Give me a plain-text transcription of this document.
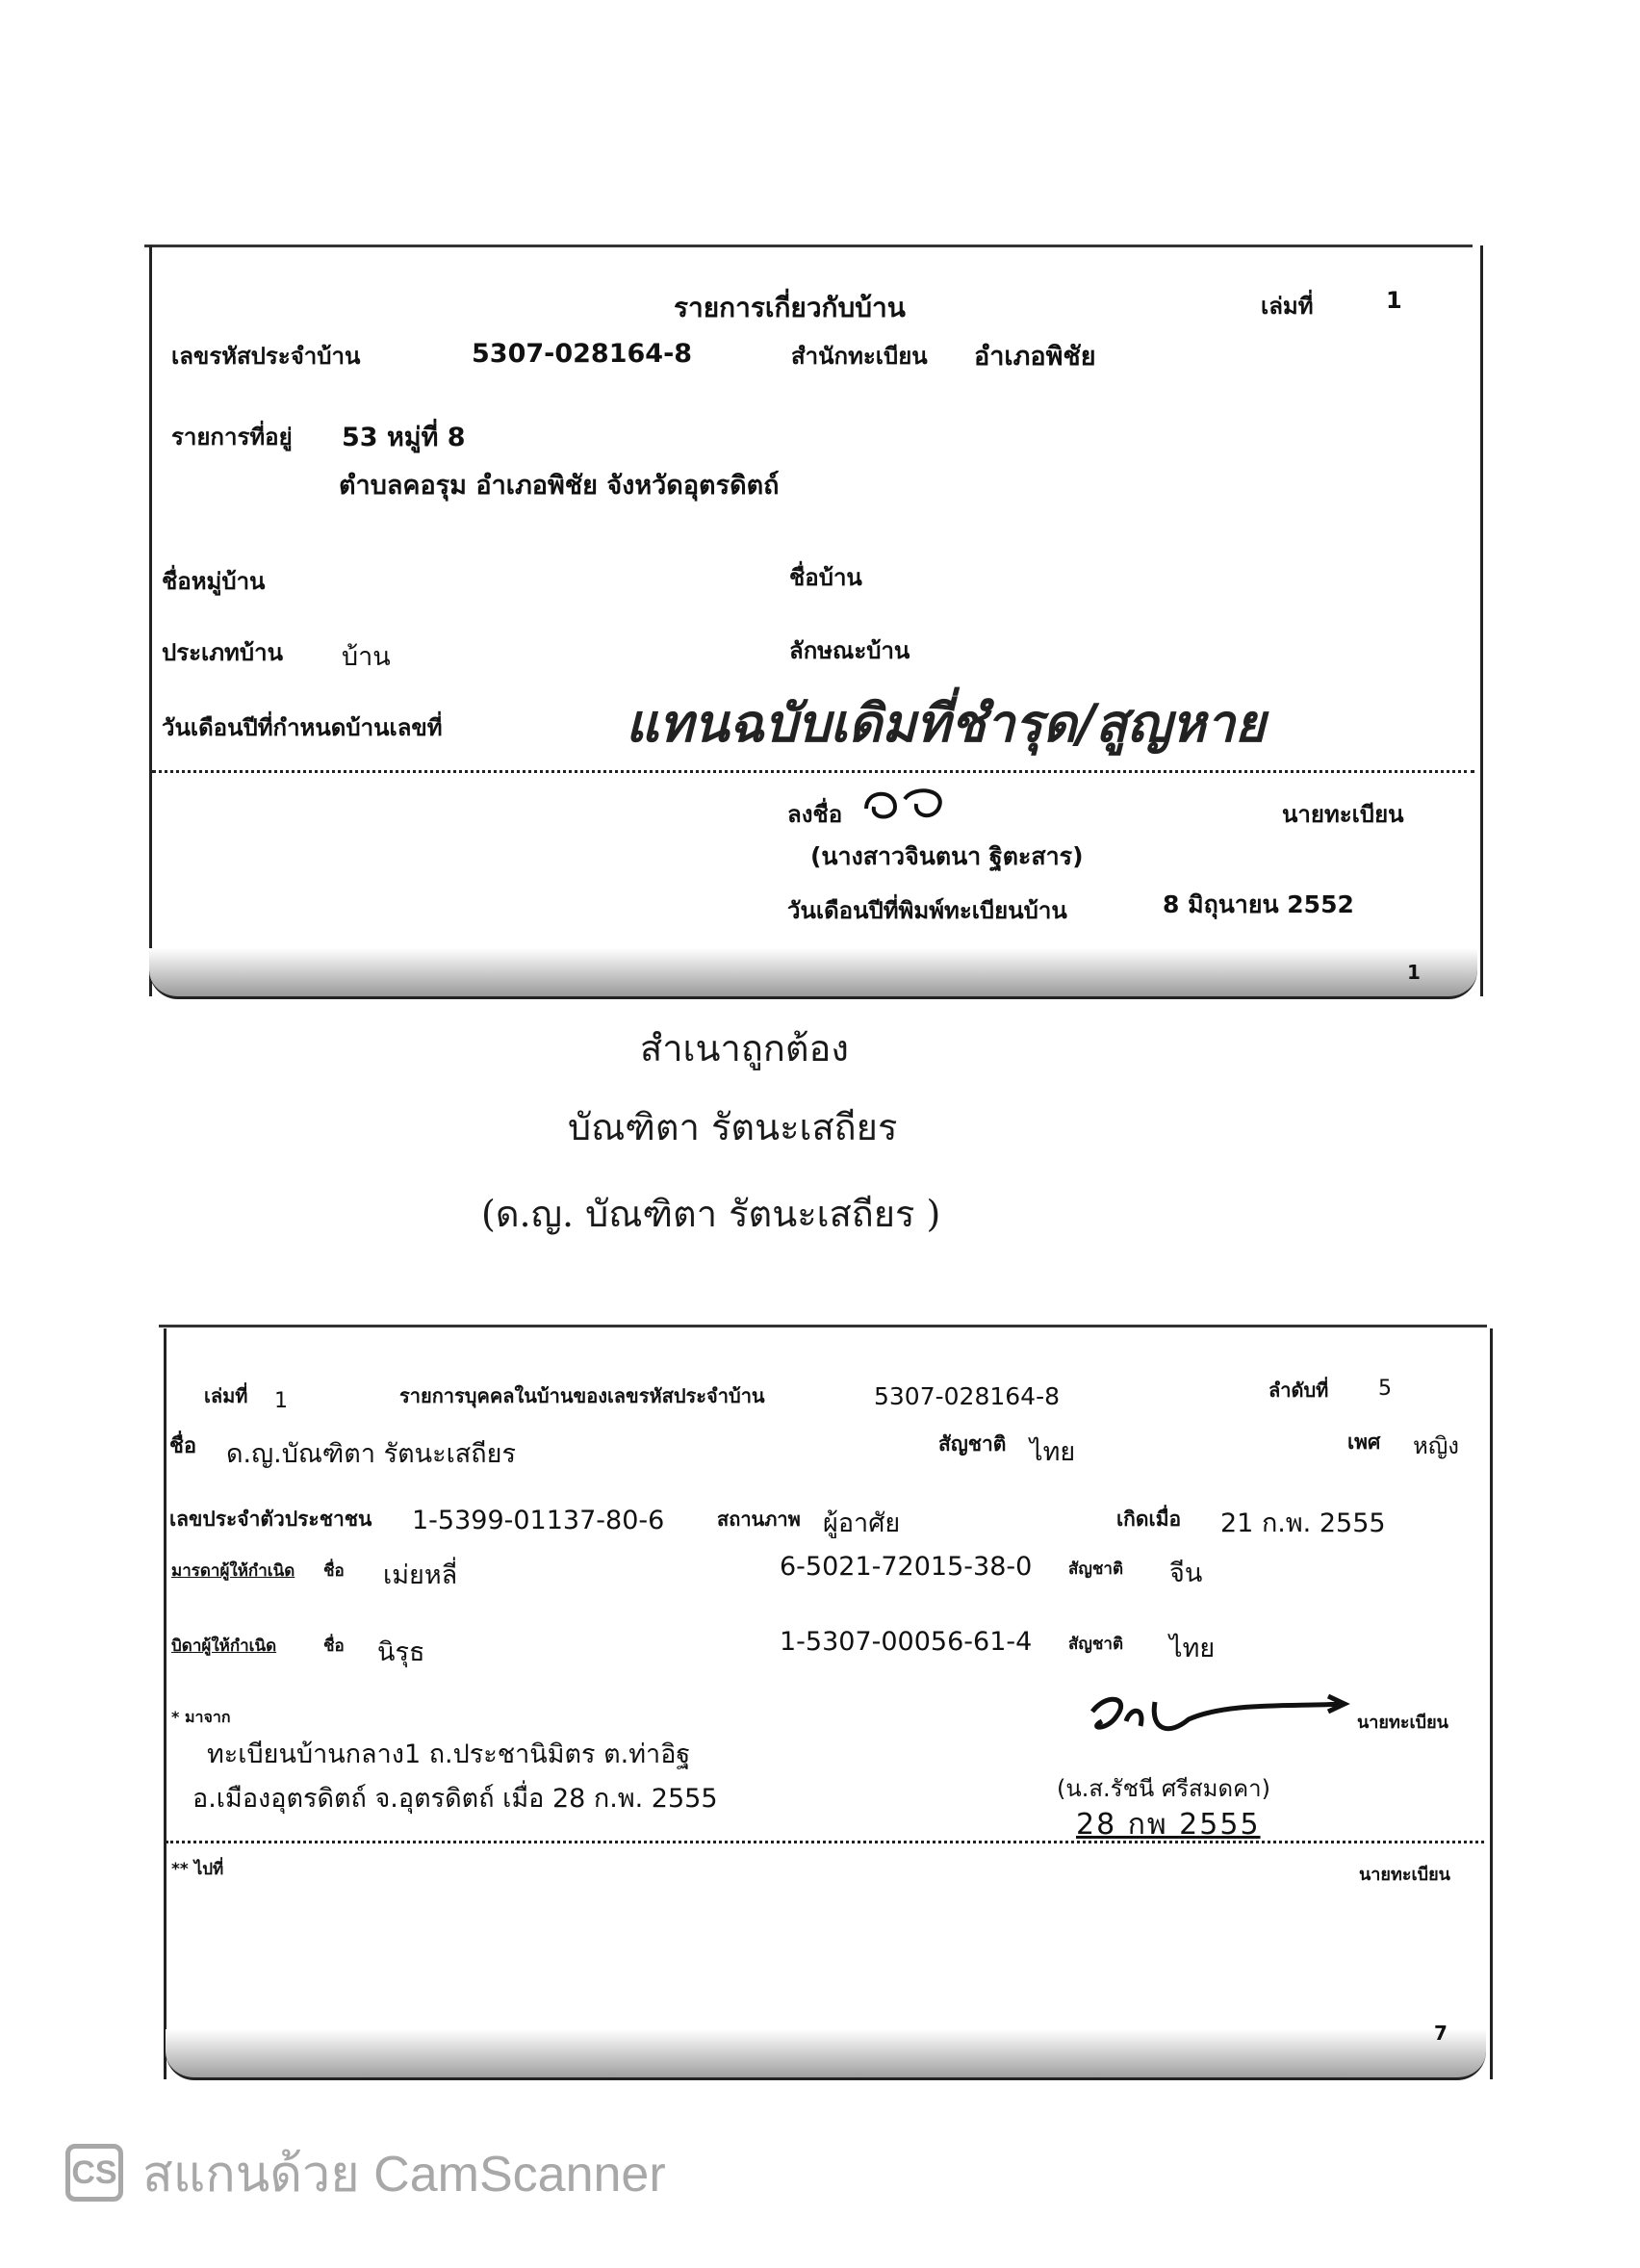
รายการเกี่ยวกับบ้าน	เล่มที่	1
เลขรหัสประจำบ้าน	5307-028164-8	สำนักทะเบียน อำเภอพิชัย
รายการที่อยู่ 53 หมู่ที่ 8
ตำบลคอรุม อำเภอพิชัย จังหวัดอุตรดิตถ์
ชื่อหมู่บ้าน	ชื่อบ้าน
ประเภทบ้าน บ้าน	ลักษณะบ้าน
วันเดือนปีที่กำหนดบ้านเลขที่	แทนฉบับเดิมที่ชำรุด/สูญหาย
ลงชื่อ	นายทะเบียน
(นางสาวจินตนา ฐิตะสาร)
วันเดือนปีที่พิมพ์ทะเบียนบ้าน	8 มิถุนายน 2552
1
สำเนาถูกต้อง
บัณฑิตา รัตนะเสถียร
(ด.ญ. บัณฑิตา รัตนะเสถียร )
เล่มที่ 1	รายการบุคคลในบ้านของเลขรหัสประจำบ้าน	5307-028164-8	ลำดับที่ 5
ชื่อ ด.ญ.บัณฑิตา รัตนะเสถียร	สัญชาติ ไทย	เพศ หญิง
เลขประจำตัวประชาชน 1-5399-01137-80-6	สถานภาพ ผู้อาศัย	เกิดเมื่อ 21 ก.พ. 2555
มารดาผู้ให้กำเนิด ชื่อ เม่ยหลี่	6-5021-72015-38-0 สัญชาติ จีน
บิดาผู้ให้กำเนิด	ชื่อ นิรุธ	1-5307-00056-61-4 สัญชาติ ไทย
* มาจาก
ทะเบียนบ้านกลาง1 ถ.ประชานิมิตร ต.ท่าอิฐ
อ.เมืองอุตรดิตถ์ จ.อุตรดิตถ์ เมื่อ 28 ก.พ. 2555
นายทะเบียน
(น.ส.รัชนี ศรีสมดคา)
28 กพ 2555
** ไปที่	นายทะเบียน
7
CS สแกนด้วย CamScanner
